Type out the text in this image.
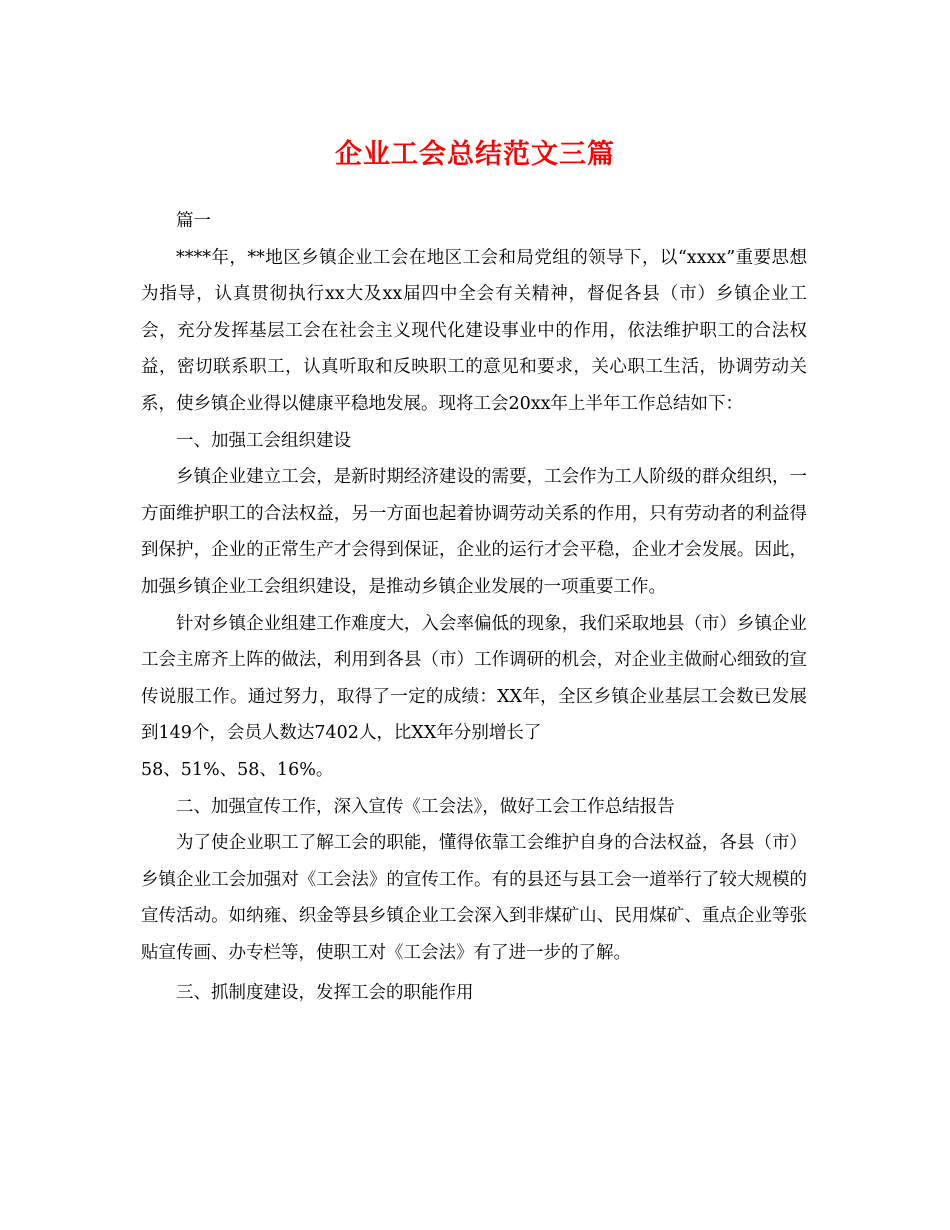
企业工会总结范文三篇

篇一

****年，**地区乡镇企业工会在地区工会和局党组的领导下，以“xxxx”重要思想为指导，认真贯彻执行xx大及xx届四中全会有关精神，督促各县（市）乡镇企业工会，充分发挥基层工会在社会主义现代化建设事业中的作用，依法维护职工的合法权益，密切联系职工，认真听取和反映职工的意见和要求，关心职工生活，协调劳动关系，使乡镇企业得以健康平稳地发展。现将工会20xx年上半年工作总结如下：

一、加强工会组织建设

乡镇企业建立工会，是新时期经济建设的需要，工会作为工人阶级的群众组织，一方面维护职工的合法权益，另一方面也起着协调劳动关系的作用，只有劳动者的利益得到保护，企业的正常生产才会得到保证，企业的运行才会平稳，企业才会发展。因此，加强乡镇企业工会组织建设，是推动乡镇企业发展的一项重要工作。

针对乡镇企业组建工作难度大，入会率偏低的现象，我们采取地县（市）乡镇企业工会主席齐上阵的做法，利用到各县（市）工作调研的机会，对企业主做耐心细致的宣传说服工作。通过努力，取得了一定的成绩：XX年，全区乡镇企业基层工会数已发展到149个，会员人数达7402人，比XX年分别增长了

58、51%、58、16%。

二、加强宣传工作，深入宣传《工会法》，做好工会工作总结报告

为了使企业职工了解工会的职能，懂得依靠工会维护自身的合法权益，各县（市）乡镇企业工会加强对《工会法》的宣传工作。有的县还与县工会一道举行了较大规模的宣传活动。如纳雍、织金等县乡镇企业工会深入到非煤矿山、民用煤矿、重点企业等张贴宣传画、办专栏等，使职工对《工会法》有了进一步的了解。

三、抓制度建设，发挥工会的职能作用
